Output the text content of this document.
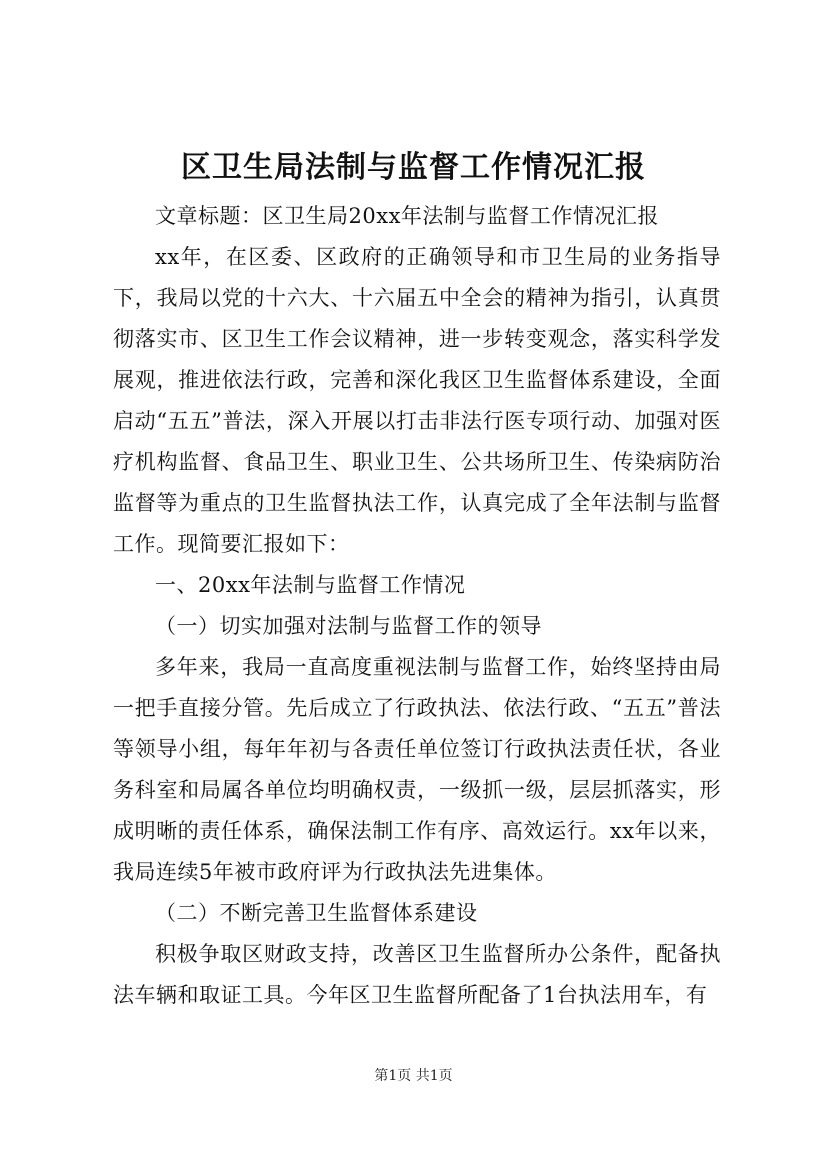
区卫生局法制与监督工作情况汇报

文章标题：区卫生局20xx年法制与监督工作情况汇报

xx年，在区委、区政府的正确领导和市卫生局的业务指导下，我局以党的十六大、十六届五中全会的精神为指引，认真贯彻落实市、区卫生工作会议精神，进一步转变观念，落实科学发展观，推进依法行政，完善和深化我区卫生监督体系建设，全面启动“五五”普法，深入开展以打击非法行医专项行动、加强对医疗机构监督、食品卫生、职业卫生、公共场所卫生、传染病防治监督等为重点的卫生监督执法工作，认真完成了全年法制与监督工作。现简要汇报如下：

一、20xx年法制与监督工作情况

（一）切实加强对法制与监督工作的领导

多年来，我局一直高度重视法制与监督工作，始终坚持由局一把手直接分管。先后成立了行政执法、依法行政、“五五”普法等领导小组，每年年初与各责任单位签订行政执法责任状，各业务科室和局属各单位均明确权责，一级抓一级，层层抓落实，形成明晰的责任体系，确保法制工作有序、高效运行。xx年以来，我局连续5年被市政府评为行政执法先进集体。

（二）不断完善卫生监督体系建设

积极争取区财政支持，改善区卫生监督所办公条件，配备执法车辆和取证工具。今年区卫生监督所配备了1台执法用车，有

第1页 共1页
